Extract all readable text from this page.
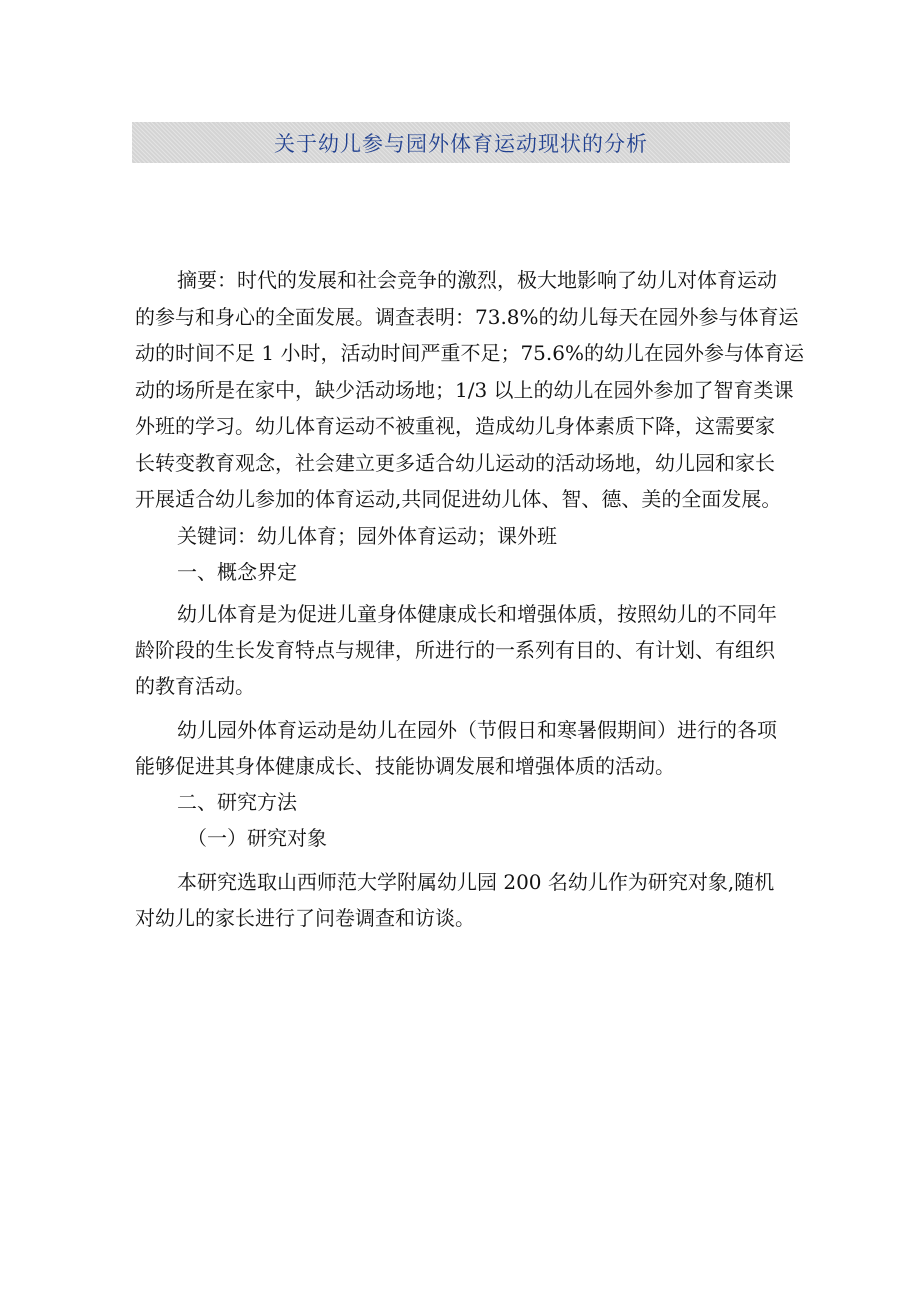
关于幼儿参与园外体育运动现状的分析

摘要：时代的发展和社会竞争的激烈，极大地影响了幼儿对体育运动
的参与和身心的全面发展。调查表明：73.8%的幼儿每天在园外参与体育运
动的时间不足 1 小时，活动时间严重不足；75.6%的幼儿在园外参与体育运
动的场所是在家中，缺少活动场地；1/3 以上的幼儿在园外参加了智育类课
外班的学习。幼儿体育运动不被重视，造成幼儿身体素质下降，这需要家
长转变教育观念，社会建立更多适合幼儿运动的活动场地，幼儿园和家长
开展适合幼儿参加的体育运动,共同促进幼儿体、智、德、美的全面发展。

关键词：幼儿体育；园外体育运动；课外班

一、概念界定

幼儿体育是为促进儿童身体健康成长和增强体质，按照幼儿的不同年
龄阶段的生长发育特点与规律，所进行的一系列有目的、有计划、有组织
的教育活动。

幼儿园外体育运动是幼儿在园外（节假日和寒暑假期间）进行的各项
能够促进其身体健康成长、技能协调发展和增强体质的活动。

二、研究方法

（一）研究对象

本研究选取山西师范大学附属幼儿园 200 名幼儿作为研究对象,随机
对幼儿的家长进行了问卷调查和访谈。
